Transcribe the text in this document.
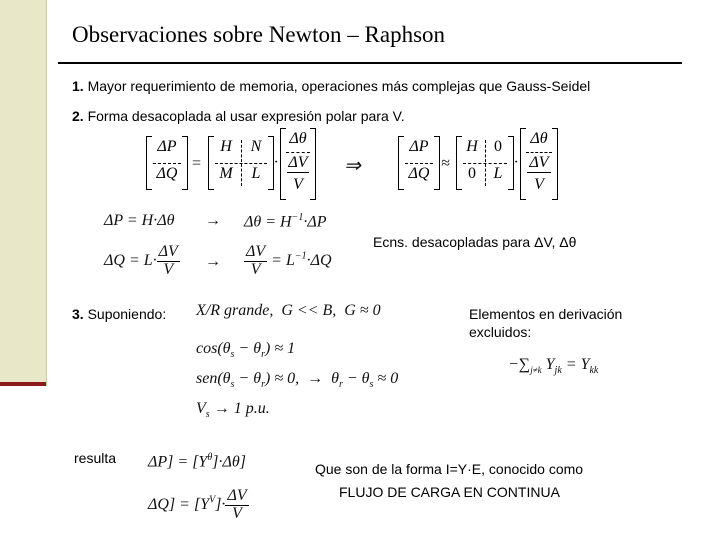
Observaciones sobre Newton – Raphson
1. Mayor requerimiento de memoria, operaciones más complejas que Gauss-Seidel
2. Forma desacoplada al usar expresión polar para V.
ΔP
ΔQ
=
H	N
M	L
·
Δθ
ΔV
V
⇒
ΔP
ΔQ
≈
H	0
0	L
·
Δθ
ΔV
V
$\Delta P = H\cdot\Delta\theta \to \Delta\theta = H^{-1}\cdot\Delta P$
$\Delta Q = L\cdot \frac{\Delta V}{V} \to \frac{\Delta V}{V} = L^{-1}\cdot\Delta Q$
Ecns. desacopladas para ΔV, Δθ
3. Suponiendo: X/R grande,  G << B,  G ≈ 0
$\cos(\theta_s - \theta_r) \approx 1$
$sen(\theta_s - \theta_r) \approx 0$,  →  $\theta_r - \theta_s \approx 0$
$V_s \to 1$ p.u.
Elementos en derivación excluidos:
$-\sum_{j\ne k}$ $Y_{jk} = Y_{kk}$
resulta $\Delta P] = [Y^\theta]\cdot\Delta\theta$]
$\Delta Q] = [Y^V]\cdot \frac{\Delta V}{V}$
Que son de la forma I=Y·E, conocido como
FLUJO DE CARGA EN CONTINUA
